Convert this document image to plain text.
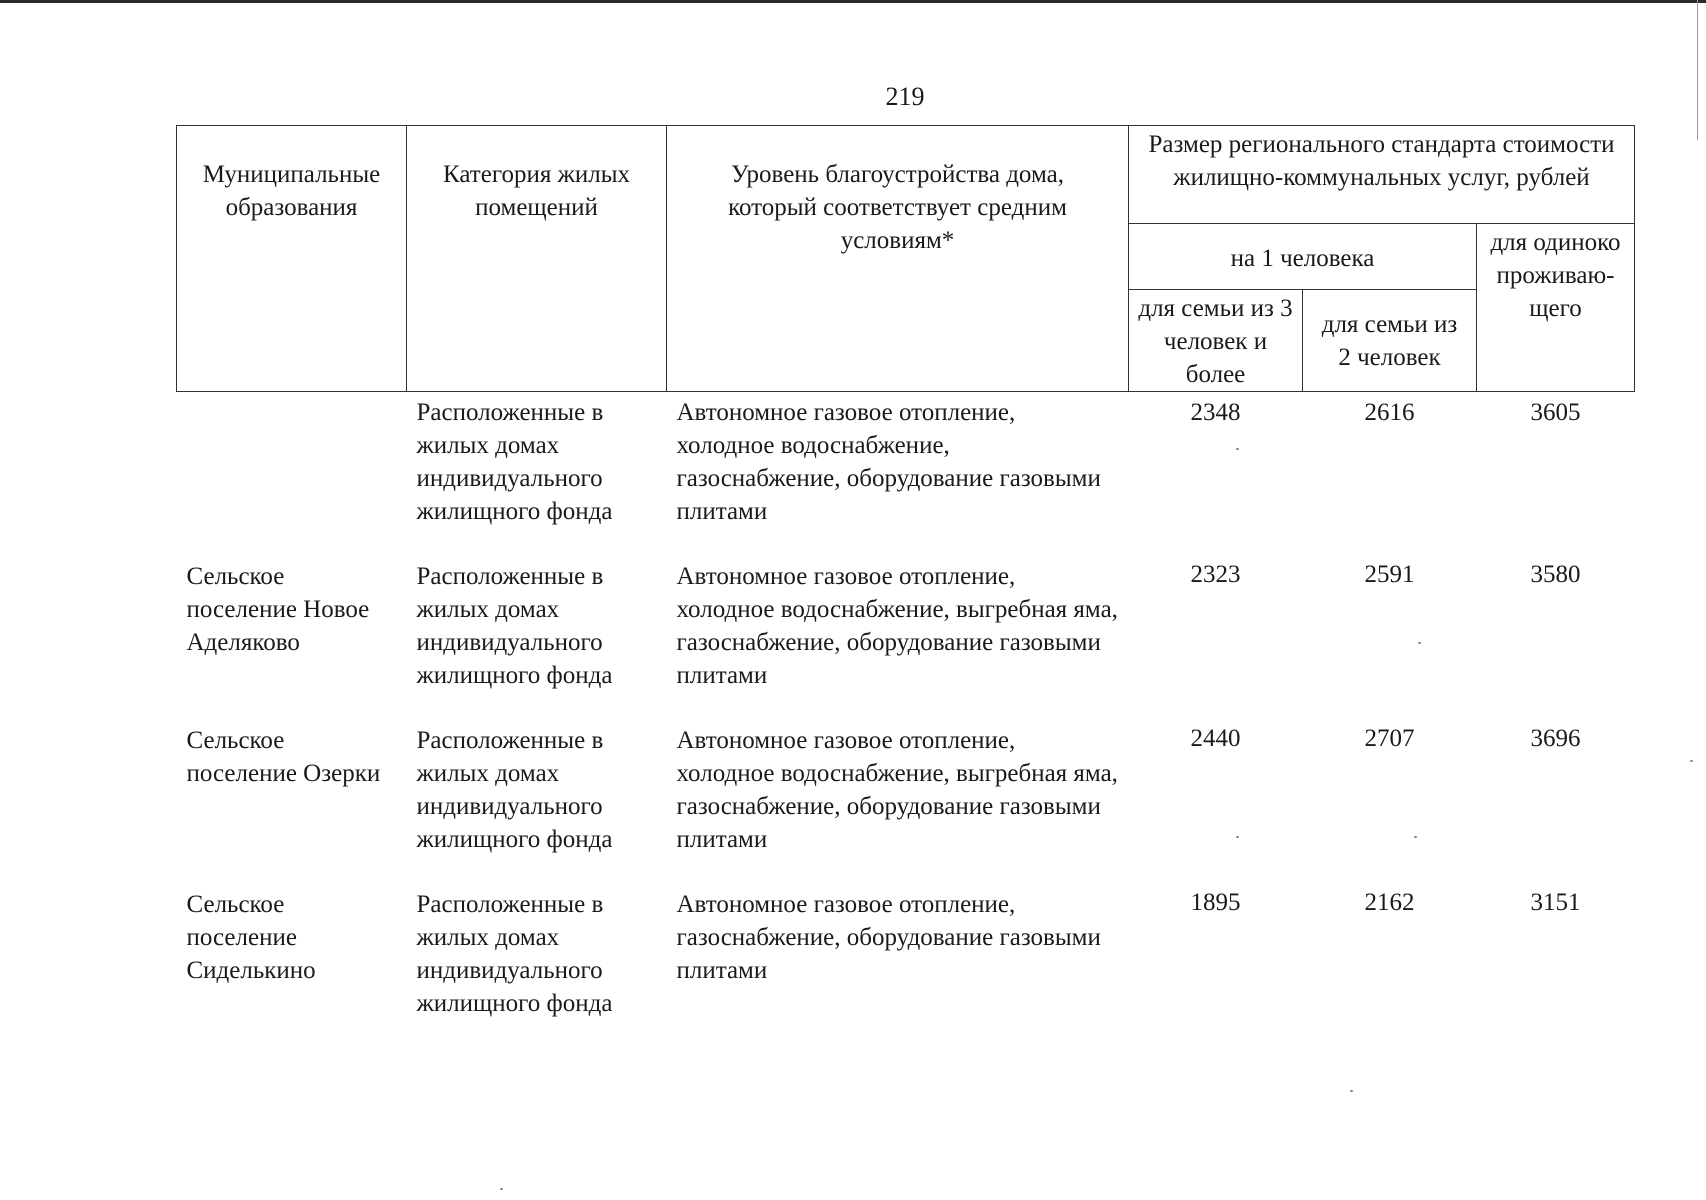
219
Муниципальные образования	Категория жилых помещений	Уровень благоустройства дома, который соответствует средним условиям*	Размер регионального стандарта стоимости жилищно-коммунальных услуг, рублей		
			на 1 человека		для одиноко проживаю-щего
			для семьи из 3 человек и более	для семьи из 2 человек	
	Расположенные в жилых домах индивидуального жилищного фонда	Автономное газовое отопление, холодное водоснабжение, газоснабжение, оборудование газовыми плитами	2348	2616	3605
Сельское поселение Новое Аделяково	Расположенные в жилых домах индивидуального жилищного фонда	Автономное газовое отопление, холодное водоснабжение, выгребная яма, газоснабжение, оборудование газовыми плитами	2323	2591	3580
Сельское поселение Озерки	Расположенные в жилых домах индивидуального жилищного фонда	Автономное газовое отопление, холодное водоснабжение, выгребная яма, газоснабжение, оборудование газовыми плитами	2440	2707	3696
Сельское поселение Сиделькино	Расположенные в жилых домах индивидуального жилищного фонда	Автономное газовое отопление, газоснабжение, оборудование газовыми плитами	1895	2162	3151
